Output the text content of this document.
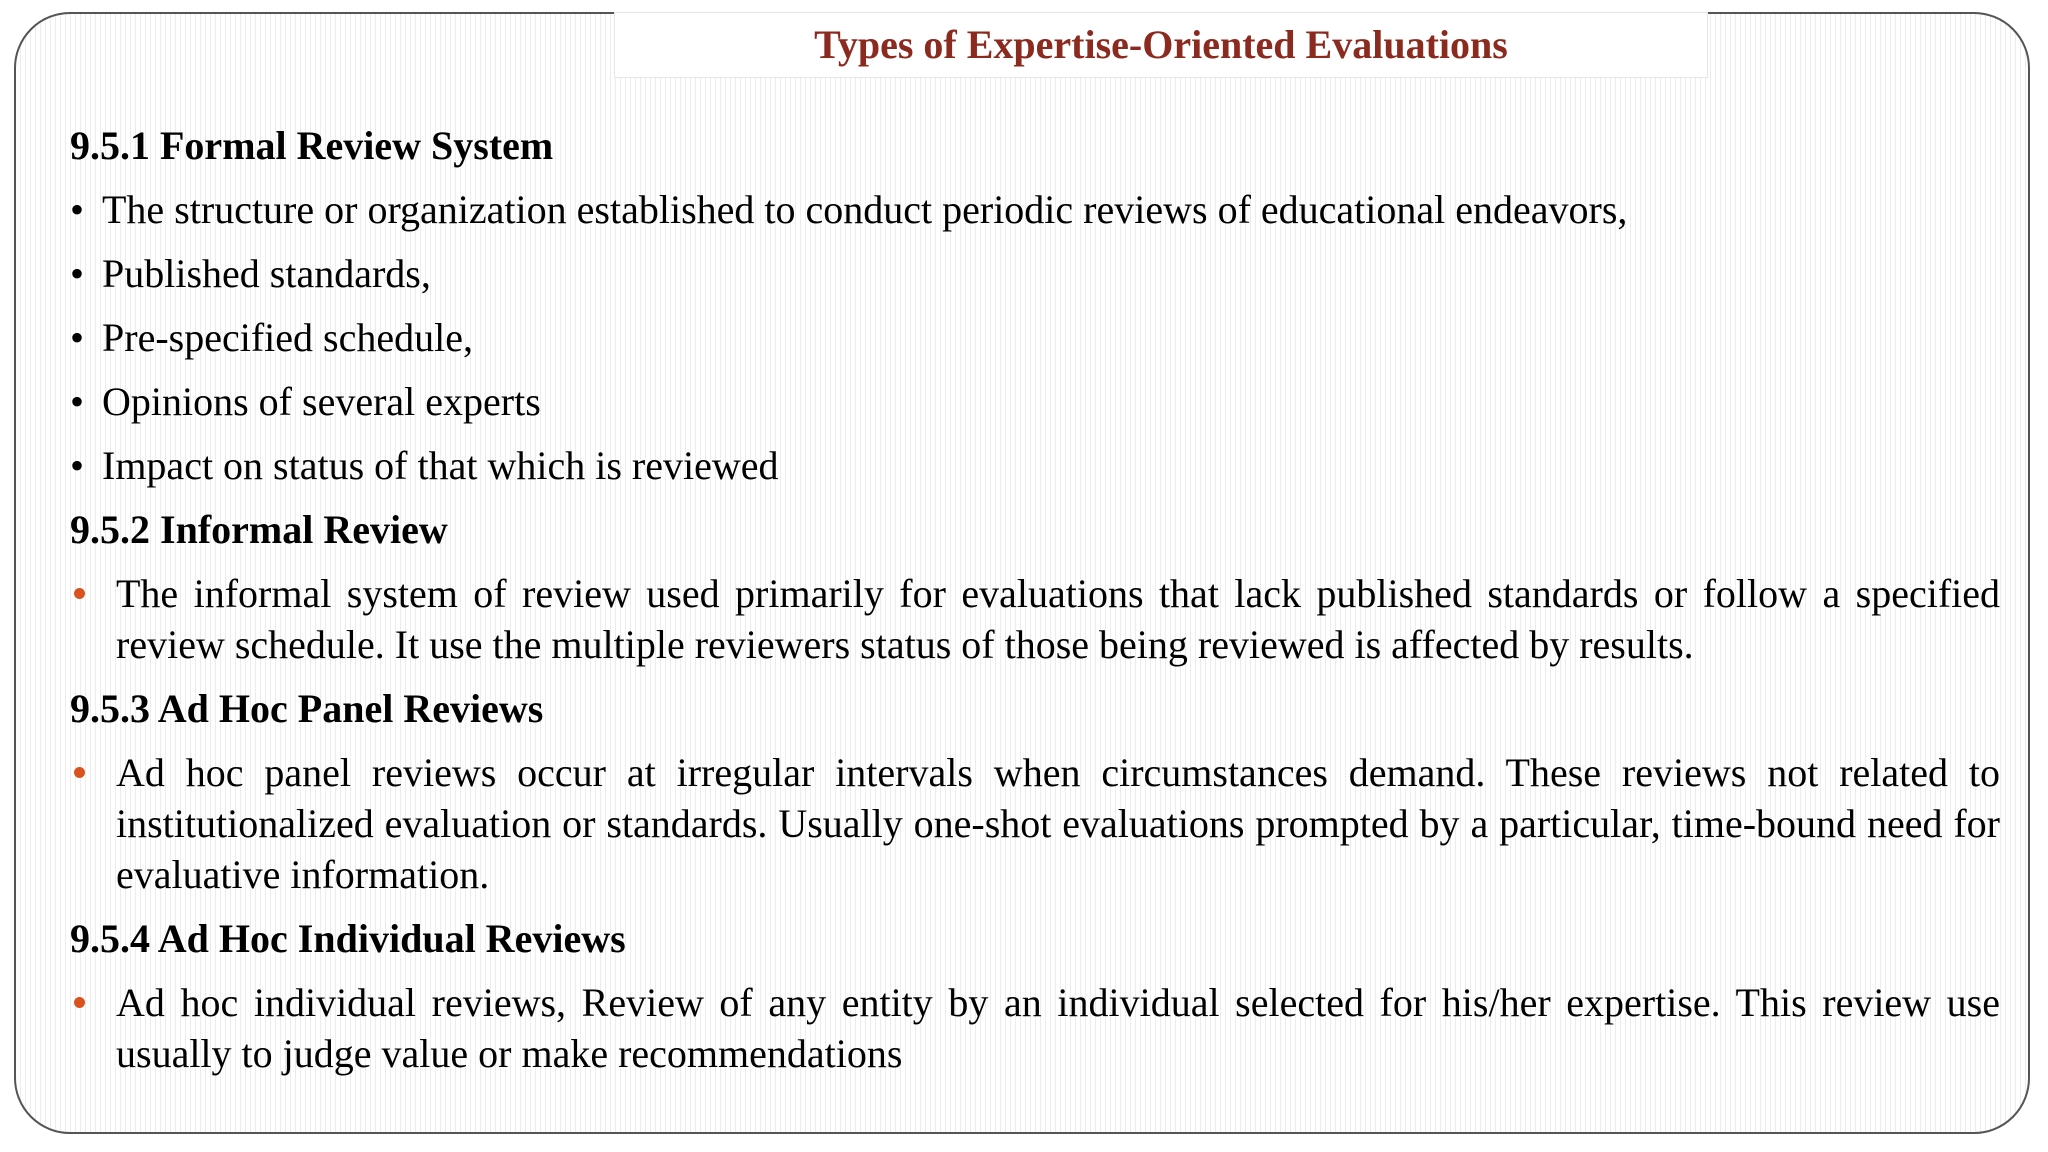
Types of Expertise-Oriented Evaluations
9.5.1 Formal Review System
• The structure or organization established to conduct periodic reviews of educational endeavors,
• Published standards,
• Pre-specified schedule,
• Opinions of several experts
• Impact on status of that which is reviewed
9.5.2 Informal Review
The informal system of review used primarily for evaluations that lack published standards or follow a specified review schedule. It use the multiple reviewers status of those being reviewed is affected by results.
9.5.3 Ad Hoc Panel Reviews
Ad hoc panel reviews occur at irregular intervals when circumstances demand. These reviews not related to institutionalized evaluation or standards. Usually one-shot evaluations prompted by a particular, time-bound need for evaluative information.
9.5.4 Ad Hoc Individual Reviews
Ad hoc individual reviews, Review of any entity by an individual selected for his/her expertise. This review use usually to judge value or make recommendations
